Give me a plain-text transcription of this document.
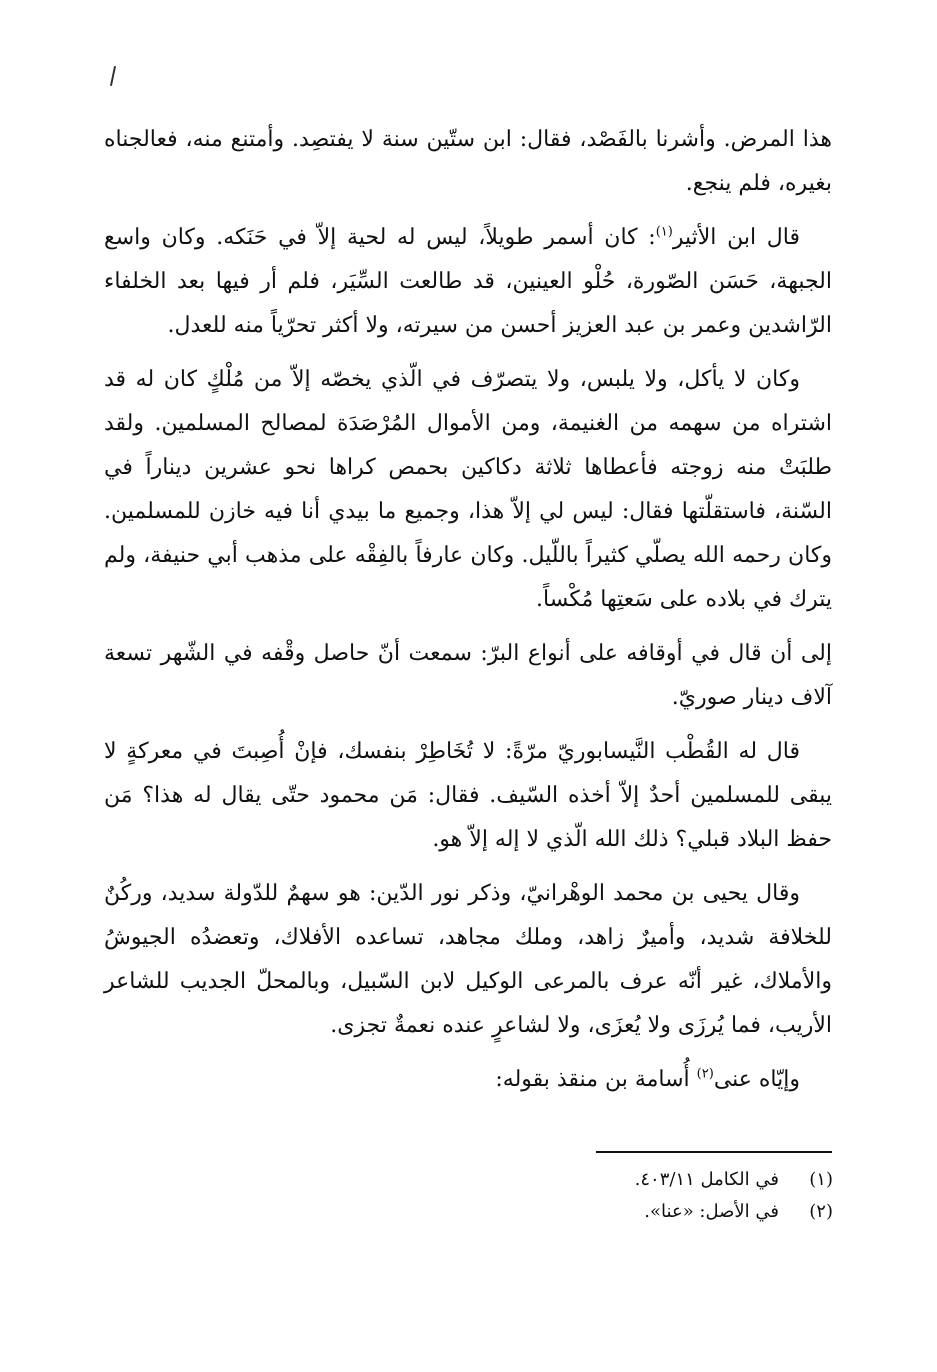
هذا المرض. وأشرنا بالفَصْد، فقال: ابن ستّين سنة لا يفتصِد. وأمتنع منه، فعالجناه بغيره، فلم ينجع.

قال ابن الأثير$^{(١)}$: كان أسمر طويلاً، ليس له لحية إلاّ في حَنَكه. وكان واسع الجبهة، حَسَن الصّورة، حُلْو العينين، قد طالعت السِّيَر، فلم أر فيها بعد الخلفاء الرّاشدين وعمر بن عبد العزيز أحسن من سيرته، ولا أكثر تحرّياً منه للعدل.

وكان لا يأكل، ولا يلبس، ولا يتصرّف في الّذي يخصّه إلاّ من مُلْكٍ كان له قد اشتراه من سهمه من الغنيمة، ومن الأموال المُرْصَدَة لمصالح المسلمين. ولقد طلبَتْ منه زوجته فأعطاها ثلاثة دكاكين بحمص كراها نحو عشرين ديناراً في السّنة، فاستقلّتها فقال: ليس لي إلاّ هذا، وجميع ما بيدي أنا فيه خازن للمسلمين. وكان رحمه الله يصلّي كثيراً باللّيل. وكان عارفاً بالفِقْه على مذهب أبي حنيفة، ولم يترك في بلاده على سَعتِها مُكْساً.

إلى أن قال في أوقافه على أنواع البرّ: سمعت أنّ حاصل وقْفه في الشّهر تسعة آلاف دينار صوريّ.

قال له القُطْب النَّيسابوريّ مرّةً: لا تُخَاطِرْ بنفسك، فإنْ أُصِبتَ في معركةٍ لا يبقى للمسلمين أحدٌ إلاّ أخذه السّيف. فقال: مَن محمود حتّى يقال له هذا؟ مَن حفظ البلاد قبلي؟ ذلك الله الّذي لا إله إلاّ هو.

وقال يحيى بن محمد الوهْرانيّ، وذكر نور الدّين: هو سهمٌ للدّولة سديد، وركُنٌ للخلافة شديد، وأميرٌ زاهد، وملك مجاهد، تساعده الأفلاك، وتعضدُه الجيوشُ والأملاك، غير أنّه عرف بالمرعى الوكيل لابن السّبيل، وبالمحلّ الجديب للشاعر الأريب، فما يُرزَى ولا يُعزَى، ولا لشاعرٍ عنده نعمةٌ تجزى.

وإيّاه عنى$^{(٢)}$ أُسامة بن منقذ بقوله:

(١)
في الكامل ٤٠٣/١١.
(٢)
في الأصل: «عنا».
